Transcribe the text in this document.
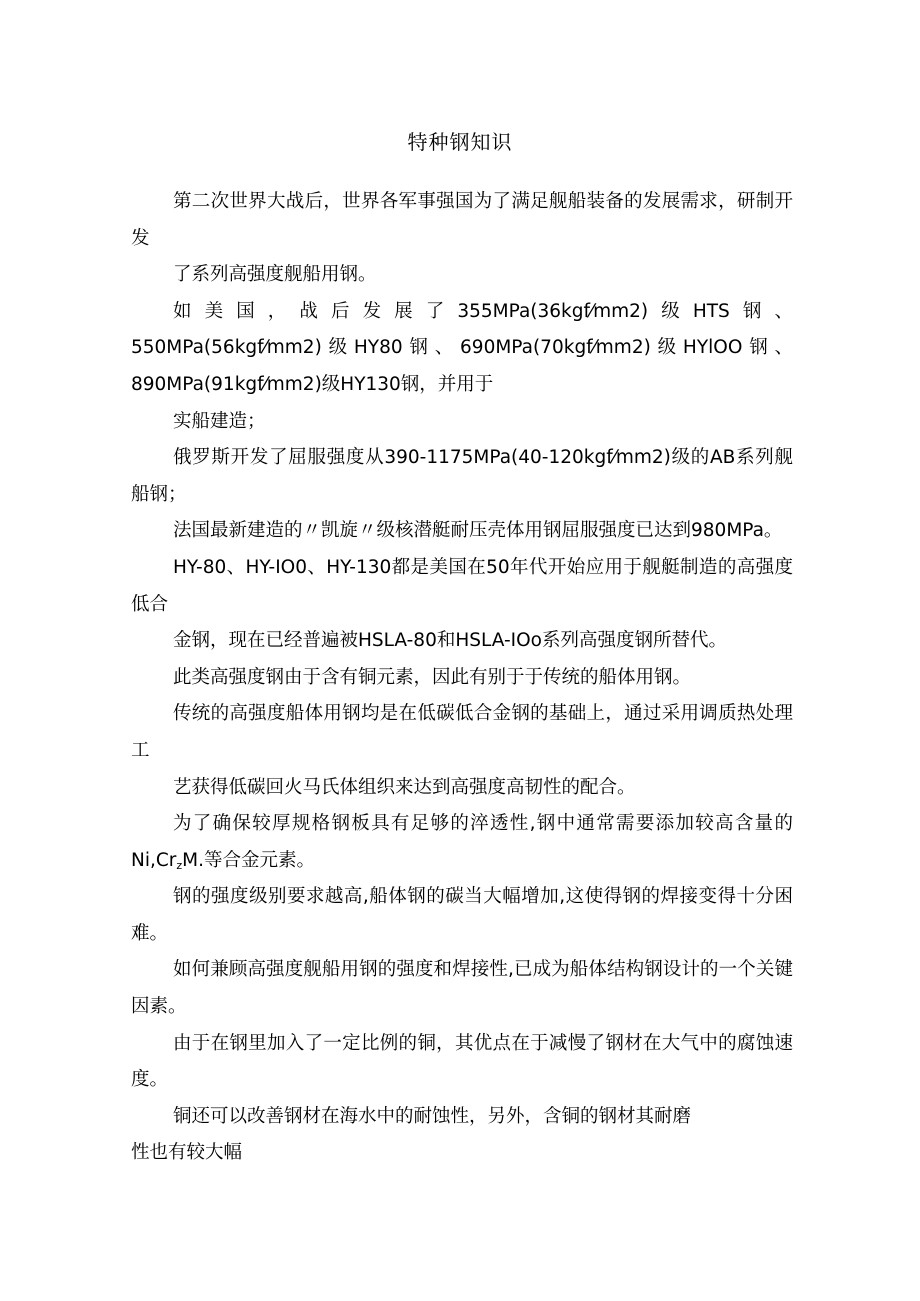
特种钢知识

第二次世界大战后，世界各军事强国为了满足舰船装备的发展需求，研制开发

了系列高强度舰船用钢。

如美国，战后发展了355MPa(36kgf⁄mm2)级HTS钢、550MPa(56kgf⁄mm2)级HY80钢、690MPa(70kgf⁄mm2)级HYlOO钢、890MPa(91kgf⁄mm2)级HY130钢，并用于

实船建造；

俄罗斯开发了屈服强度从390-1175MPa(40-120kgf⁄mm2)级的AB系列舰船钢；

法国最新建造的〃凯旋〃级核潜艇耐压壳体用钢屈服强度已达到980MPa。

HY-80、HY-IO0、HY-130都是美国在50年代开始应用于舰艇制造的高强度低合

金钢，现在已经普遍被HSLA-80和HSLA-IOo系列高强度钢所替代。

此类高强度钢由于含有铜元素，因此有别于于传统的船体用钢。

传统的高强度船体用钢均是在低碳低合金钢的基础上，通过采用调质热处理工

艺获得低碳回火马氏体组织来达到高强度高韧性的配合。

为了确保较厚规格钢板具有足够的淬透性,钢中通常需要添加较高含量的$Ni,Cr_zM$.等合金元素。

钢的强度级别要求越高,船体钢的碳当大幅增加,这使得钢的焊接变得十分困难。

如何兼顾高强度舰船用钢的强度和焊接性,已成为船体结构钢设计的一个关键因素。

由于在钢里加入了一定比例的铜，其优点在于减慢了钢材在大气中的腐蚀速度。

铜还可以改善钢材在海水中的耐蚀性，另外，含铜的钢材其耐磨

性也有较大幅
